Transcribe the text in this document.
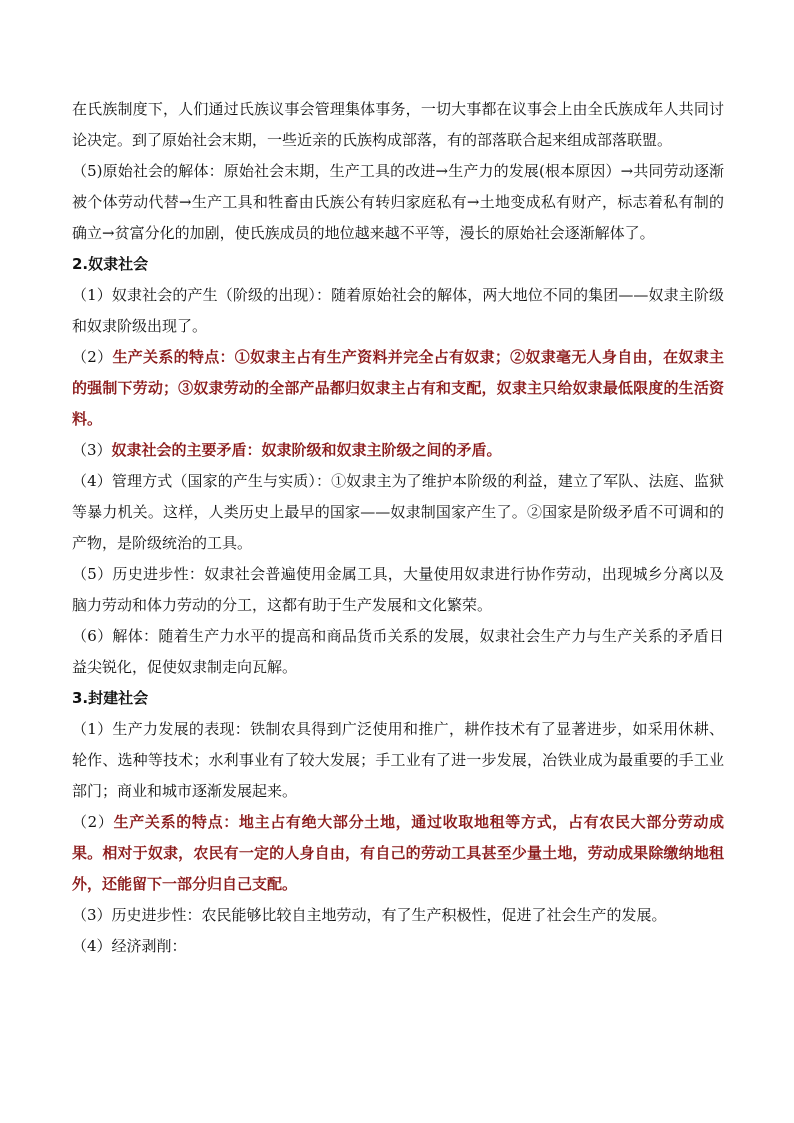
在氏族制度下，人们通过氏族议事会管理集体事务，一切大事都在议事会上由全氏族成年人共同讨论决定。到了原始社会末期，一些近亲的氏族构成部落，有的部落联合起来组成部落联盟。

（5)原始社会的解体：原始社会末期，生产工具的改进→生产力的发展(根本原因）→共同劳动逐渐被个体劳动代替→生产工具和牲畜由氏族公有转归家庭私有→土地变成私有财产，标志着私有制的确立→贫富分化的加剧，使氏族成员的地位越来越不平等，漫长的原始社会逐渐解体了。

2.奴隶社会

（1）奴隶社会的产生（阶级的出现）：随着原始社会的解体，两大地位不同的集团——奴隶主阶级和奴隶阶级出现了。

（2）生产关系的特点：①奴隶主占有生产资料并完全占有奴隶；②奴隶毫无人身自由，在奴隶主的强制下劳动；③奴隶劳动的全部产品都归奴隶主占有和支配，奴隶主只给奴隶最低限度的生活资料。

（3）奴隶社会的主要矛盾：奴隶阶级和奴隶主阶级之间的矛盾。

（4）管理方式（国家的产生与实质）：①奴隶主为了维护本阶级的利益，建立了军队、法庭、监狱等暴力机关。这样，人类历史上最早的国家——奴隶制国家产生了。②国家是阶级矛盾不可调和的产物，是阶级统治的工具。

（5）历史进步性：奴隶社会普遍使用金属工具，大量使用奴隶进行协作劳动，出现城乡分离以及脑力劳动和体力劳动的分工，这都有助于生产发展和文化繁荣。

（6）解体：随着生产力水平的提高和商品货币关系的发展，奴隶社会生产力与生产关系的矛盾日益尖锐化，促使奴隶制走向瓦解。

3.封建社会

（1）生产力发展的表现：铁制农具得到广泛使用和推广，耕作技术有了显著进步，如采用休耕、轮作、选种等技术；水利事业有了较大发展；手工业有了进一步发展，冶铁业成为最重要的手工业部门；商业和城市逐渐发展起来。

（2）生产关系的特点：地主占有绝大部分土地，通过收取地租等方式，占有农民大部分劳动成果。相对于奴隶，农民有一定的人身自由，有自己的劳动工具甚至少量土地，劳动成果除缴纳地租外，还能留下一部分归自己支配。

（3）历史进步性：农民能够比较自主地劳动，有了生产积极性，促进了社会生产的发展。

（4）经济剥削：
